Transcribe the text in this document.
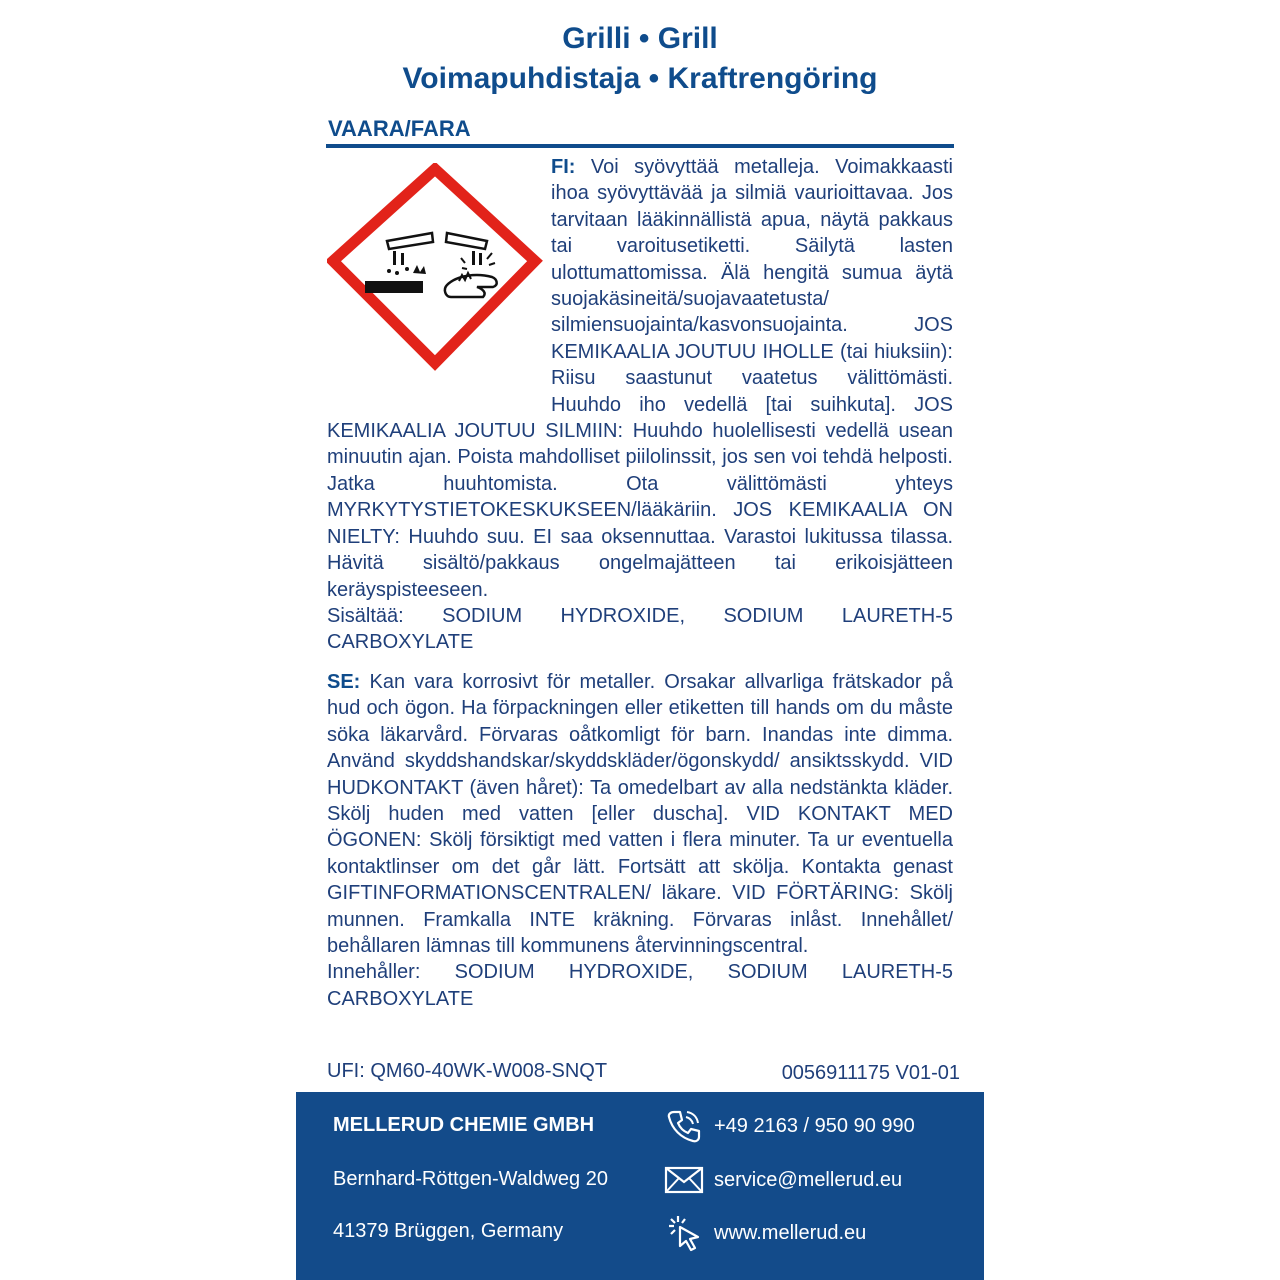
Grilli • Grill
Voimapuhdistaja • Kraftrengöring
VAARA/FARA

FI: Voi syövyttää metalleja. Voimakkaasti ihoa syövyttävää ja silmiä vaurioittavaa. Jos tarvitaan lääkinnällistä apua, näytä pakkaus tai varoitusetiketti. Säilytä lasten ulottumattomissa. Älä hengitä sumua äytä suojakäsineitä/suojavaatetusta/ silmiensuojainta/kasvonsuojainta. JOS KEMIKAALIA JOUTUU IHOLLE (tai hiuksiin): Riisu saastunut vaatetus välittömästi. Huuhdo iho vedellä [tai suihkuta]. JOS KEMIKAALIA JOUTUU SILMIIN: Huuhdo huolellisesti vedellä usean minuutin ajan. Poista mahdolliset piilolinssit, jos sen voi tehdä helposti. Jatka huuhtomista. Ota välittömästi yhteys MYRKYTYSTIETOKESKUKSEEN/lääkäriin. JOS KEMIKAALIA ON NIELTY: Huuhdo suu. EI saa oksennuttaa. Varastoi lukitussa tilassa. Hävitä sisältö/pakkaus ongelmajätteen tai erikoisjätteen keräyspisteeseen.

Sisältää: SODIUM HYDROXIDE, SODIUM LAURETH-5 CARBOXYLATE

SE: Kan vara korrosivt för metaller. Orsakar allvarliga frätskador på hud och ögon. Ha förpackningen eller etiketten till hands om du måste söka läkarvård. Förvaras oåtkomligt för barn. Inandas inte dimma. Använd skyddshandskar/skyddskläder/ögonskydd/ ansiktsskydd. VID HUDKONTAKT (även håret): Ta omedelbart av alla nedstänkta kläder. Skölj huden med vatten [eller duscha]. VID KONTAKT MED ÖGONEN: Skölj försiktigt med vatten i flera minuter. Ta ur eventuella kontaktlinser om det går lätt. Fortsätt att skölja. Kontakta genast GIFTINFORMATIONSCENTRALEN/ läkare. VID FÖRTÄRING: Skölj munnen. Framkalla INTE kräkning. Förvaras inlåst. Innehållet/ behållaren lämnas till kommunens återvinningscentral.

Innehåller: SODIUM HYDROXIDE, SODIUM LAURETH-5 CARBOXYLATE

UFI: QM60-40WK-W008-SNQT	0056911175 V01-01
MELLERUD CHEMIE GMBH
Bernhard-Röttgen-Waldweg 20
41379 Brüggen, Germany
+49 2163 / 950 90 990
service@mellerud.eu
www.mellerud.eu
